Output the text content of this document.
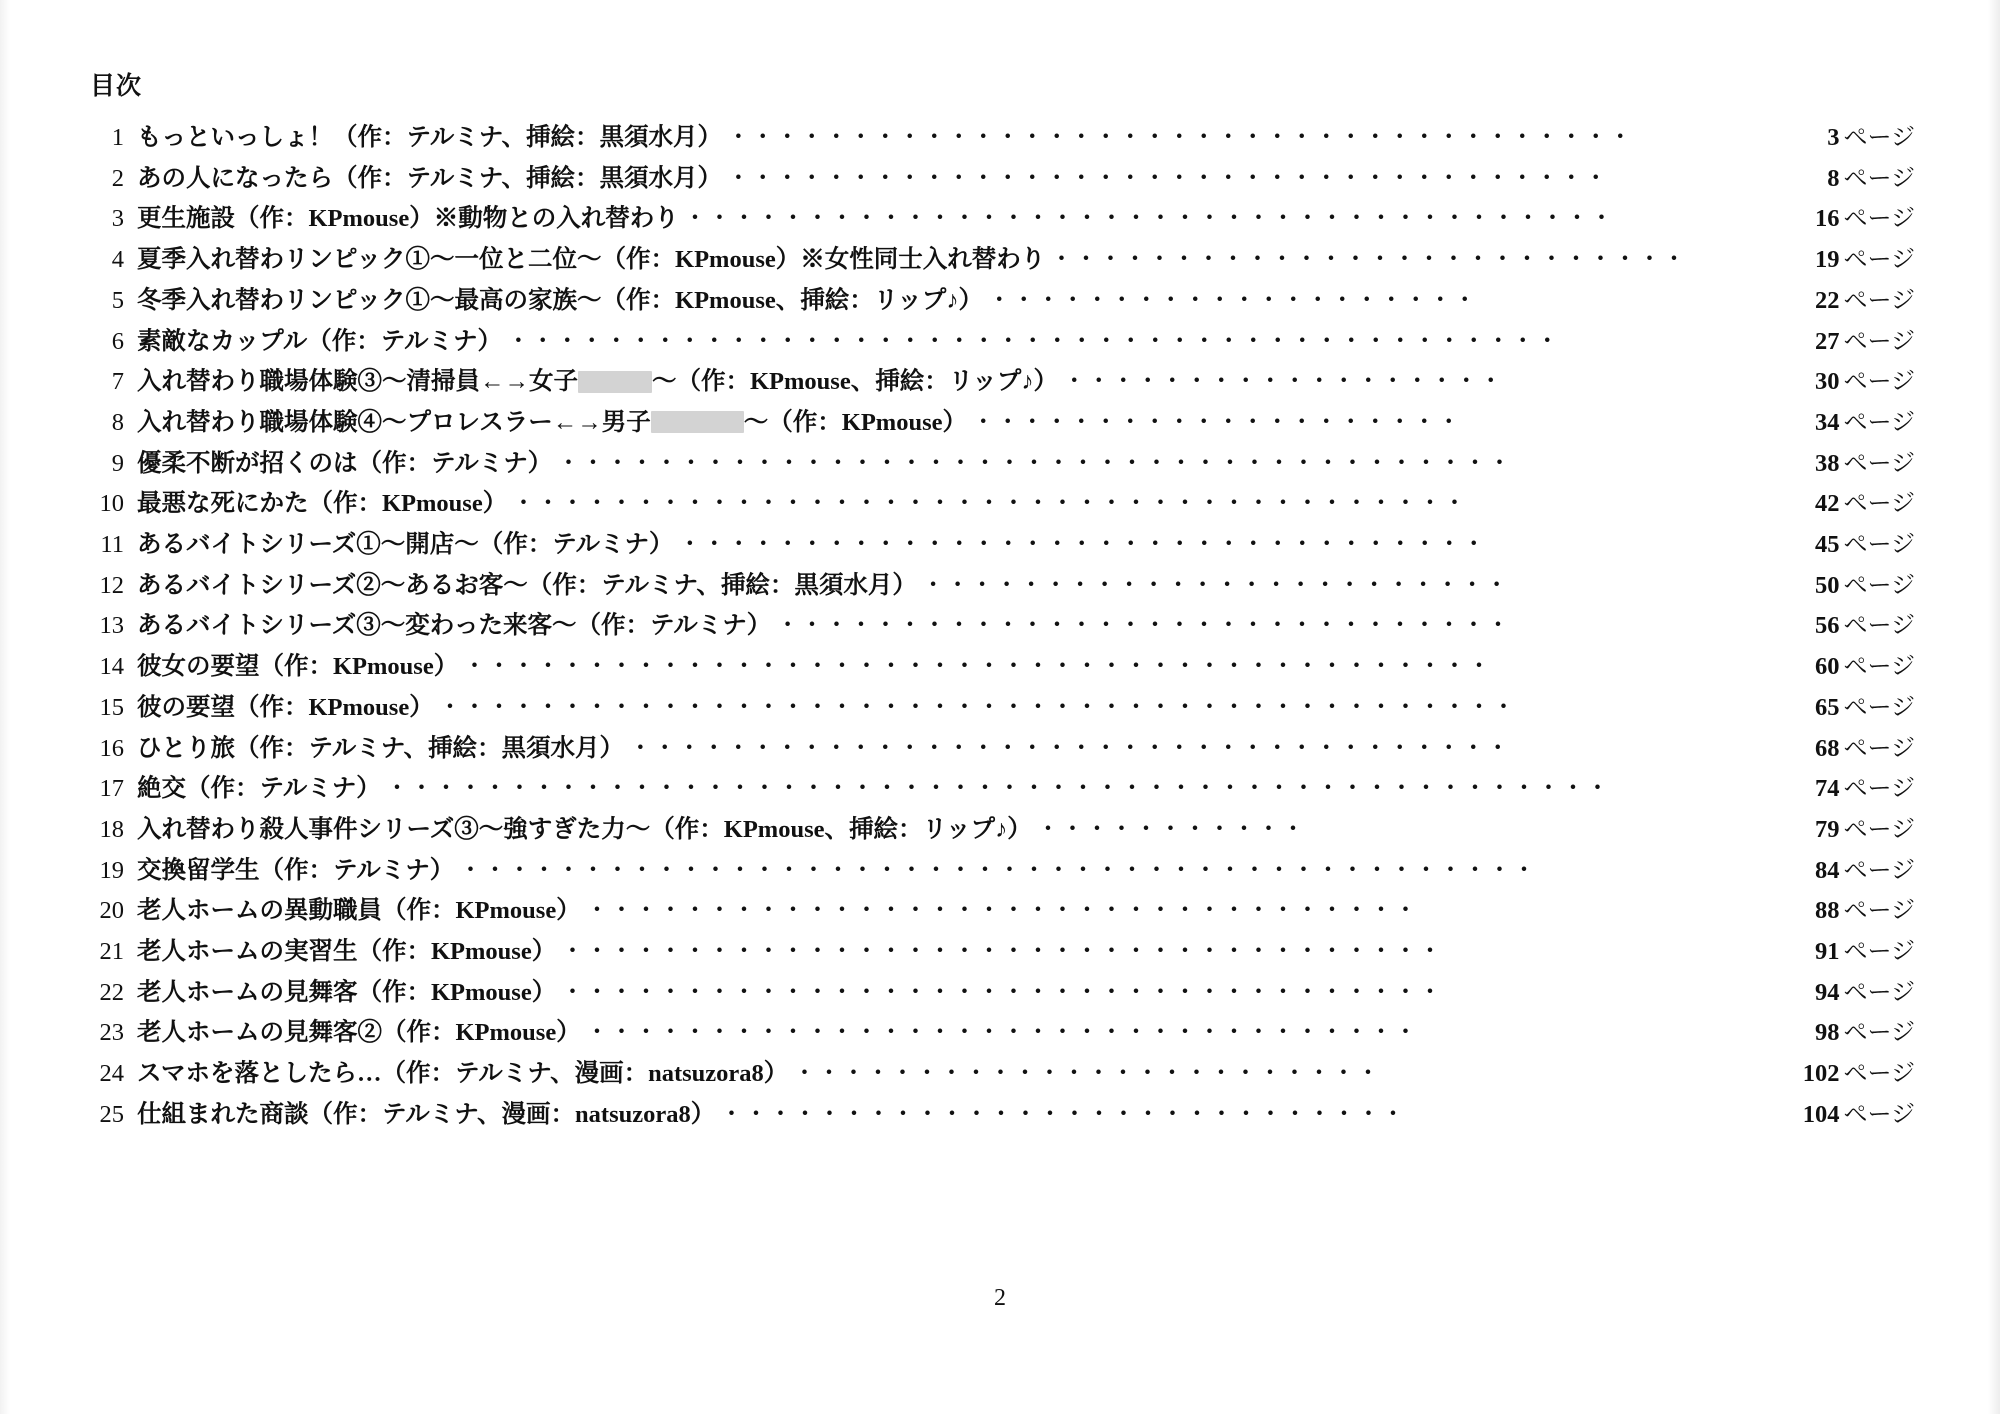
目次
1 もっといっしょ！（作：テルミナ、挿絵：黒須水月） ・・・・・・・・・・・・・・・・・・・・・・・・・・・・・・・・・・・・・	3 ページ
2 あの人になったら（作：テルミナ、挿絵：黒須水月） ・・・・・・・・・・・・・・・・・・・・・・・・・・・・・・・・・・・・	8 ページ
3 更生施設（作：KPmouse）※動物との入れ替わり ・・・・・・・・・・・・・・・・・・・・・・・・・・・・・・・・・・・・・・	16 ページ
4 夏季入れ替わリンピック①～一位と二位～（作：KPmouse）※女性同士入れ替わり ・・・・・・・・・・・・・・・・・・・・・・・・・・	19 ページ
5 冬季入れ替わリンピック①～最高の家族～（作：KPmouse、挿絵：リップ♪） ・・・・・・・・・・・・・・・・・・・・	22 ページ
6 素敵なカップル（作：テルミナ） ・・・・・・・・・・・・・・・・・・・・・・・・・・・・・・・・・・・・・・・・・・・	27 ページ
7 入れ替わり職場体験③～清掃員←→女子	～（作：KPmouse、挿絵：リップ♪） ・・・・・・・・・・・・・・・・・・	30 ページ
8 入れ替わり職場体験④～プロレスラー←→男子	～（作：KPmouse） ・・・・・・・・・・・・・・・・・・・・	34 ページ
9 優柔不断が招くのは（作：テルミナ） ・・・・・・・・・・・・・・・・・・・・・・・・・・・・・・・・・・・・・・・	38 ページ
10 最悪な死にかた（作：KPmouse） ・・・・・・・・・・・・・・・・・・・・・・・・・・・・・・・・・・・・・・・	42 ページ
11 あるバイトシリーズ①～開店～（作：テルミナ） ・・・・・・・・・・・・・・・・・・・・・・・・・・・・・・・・・	45 ページ
12 あるバイトシリーズ②～あるお客～（作：テルミナ、挿絵：黒須水月） ・・・・・・・・・・・・・・・・・・・・・・・・	50 ページ
13 あるバイトシリーズ③～変わった来客～（作：テルミナ） ・・・・・・・・・・・・・・・・・・・・・・・・・・・・・・	56 ページ
14 彼女の要望（作：KPmouse） ・・・・・・・・・・・・・・・・・・・・・・・・・・・・・・・・・・・・・・・・・・	60 ページ
15 彼の要望（作：KPmouse） ・・・・・・・・・・・・・・・・・・・・・・・・・・・・・・・・・・・・・・・・・・・・	65 ページ
16 ひとり旅（作：テルミナ、挿絵：黒須水月） ・・・・・・・・・・・・・・・・・・・・・・・・・・・・・・・・・・・・	68 ページ
17 絶交（作：テルミナ） ・・・・・・・・・・・・・・・・・・・・・・・・・・・・・・・・・・・・・・・・・・・・・・・・・・	74 ページ
18 入れ替わり殺人事件シリーズ③～強すぎた力～（作：KPmouse、挿絵：リップ♪） ・・・・・・・・・・・	79 ページ
19 交換留学生（作：テルミナ） ・・・・・・・・・・・・・・・・・・・・・・・・・・・・・・・・・・・・・・・・・・・・	84 ページ
20 老人ホームの異動職員（作：KPmouse） ・・・・・・・・・・・・・・・・・・・・・・・・・・・・・・・・・・	88 ページ
21 老人ホームの実習生（作：KPmouse） ・・・・・・・・・・・・・・・・・・・・・・・・・・・・・・・・・・・・	91 ページ
22 老人ホームの見舞客（作：KPmouse） ・・・・・・・・・・・・・・・・・・・・・・・・・・・・・・・・・・・・	94 ページ
23 老人ホームの見舞客②（作：KPmouse） ・・・・・・・・・・・・・・・・・・・・・・・・・・・・・・・・・・	98 ページ
24 スマホを落としたら…（作：テルミナ、漫画：natsuzora8） ・・・・・・・・・・・・・・・・・・・・・・・・	102 ページ
25 仕組まれた商談（作：テルミナ、漫画：natsuzora8） ・・・・・・・・・・・・・・・・・・・・・・・・・・・・	104 ページ
2
